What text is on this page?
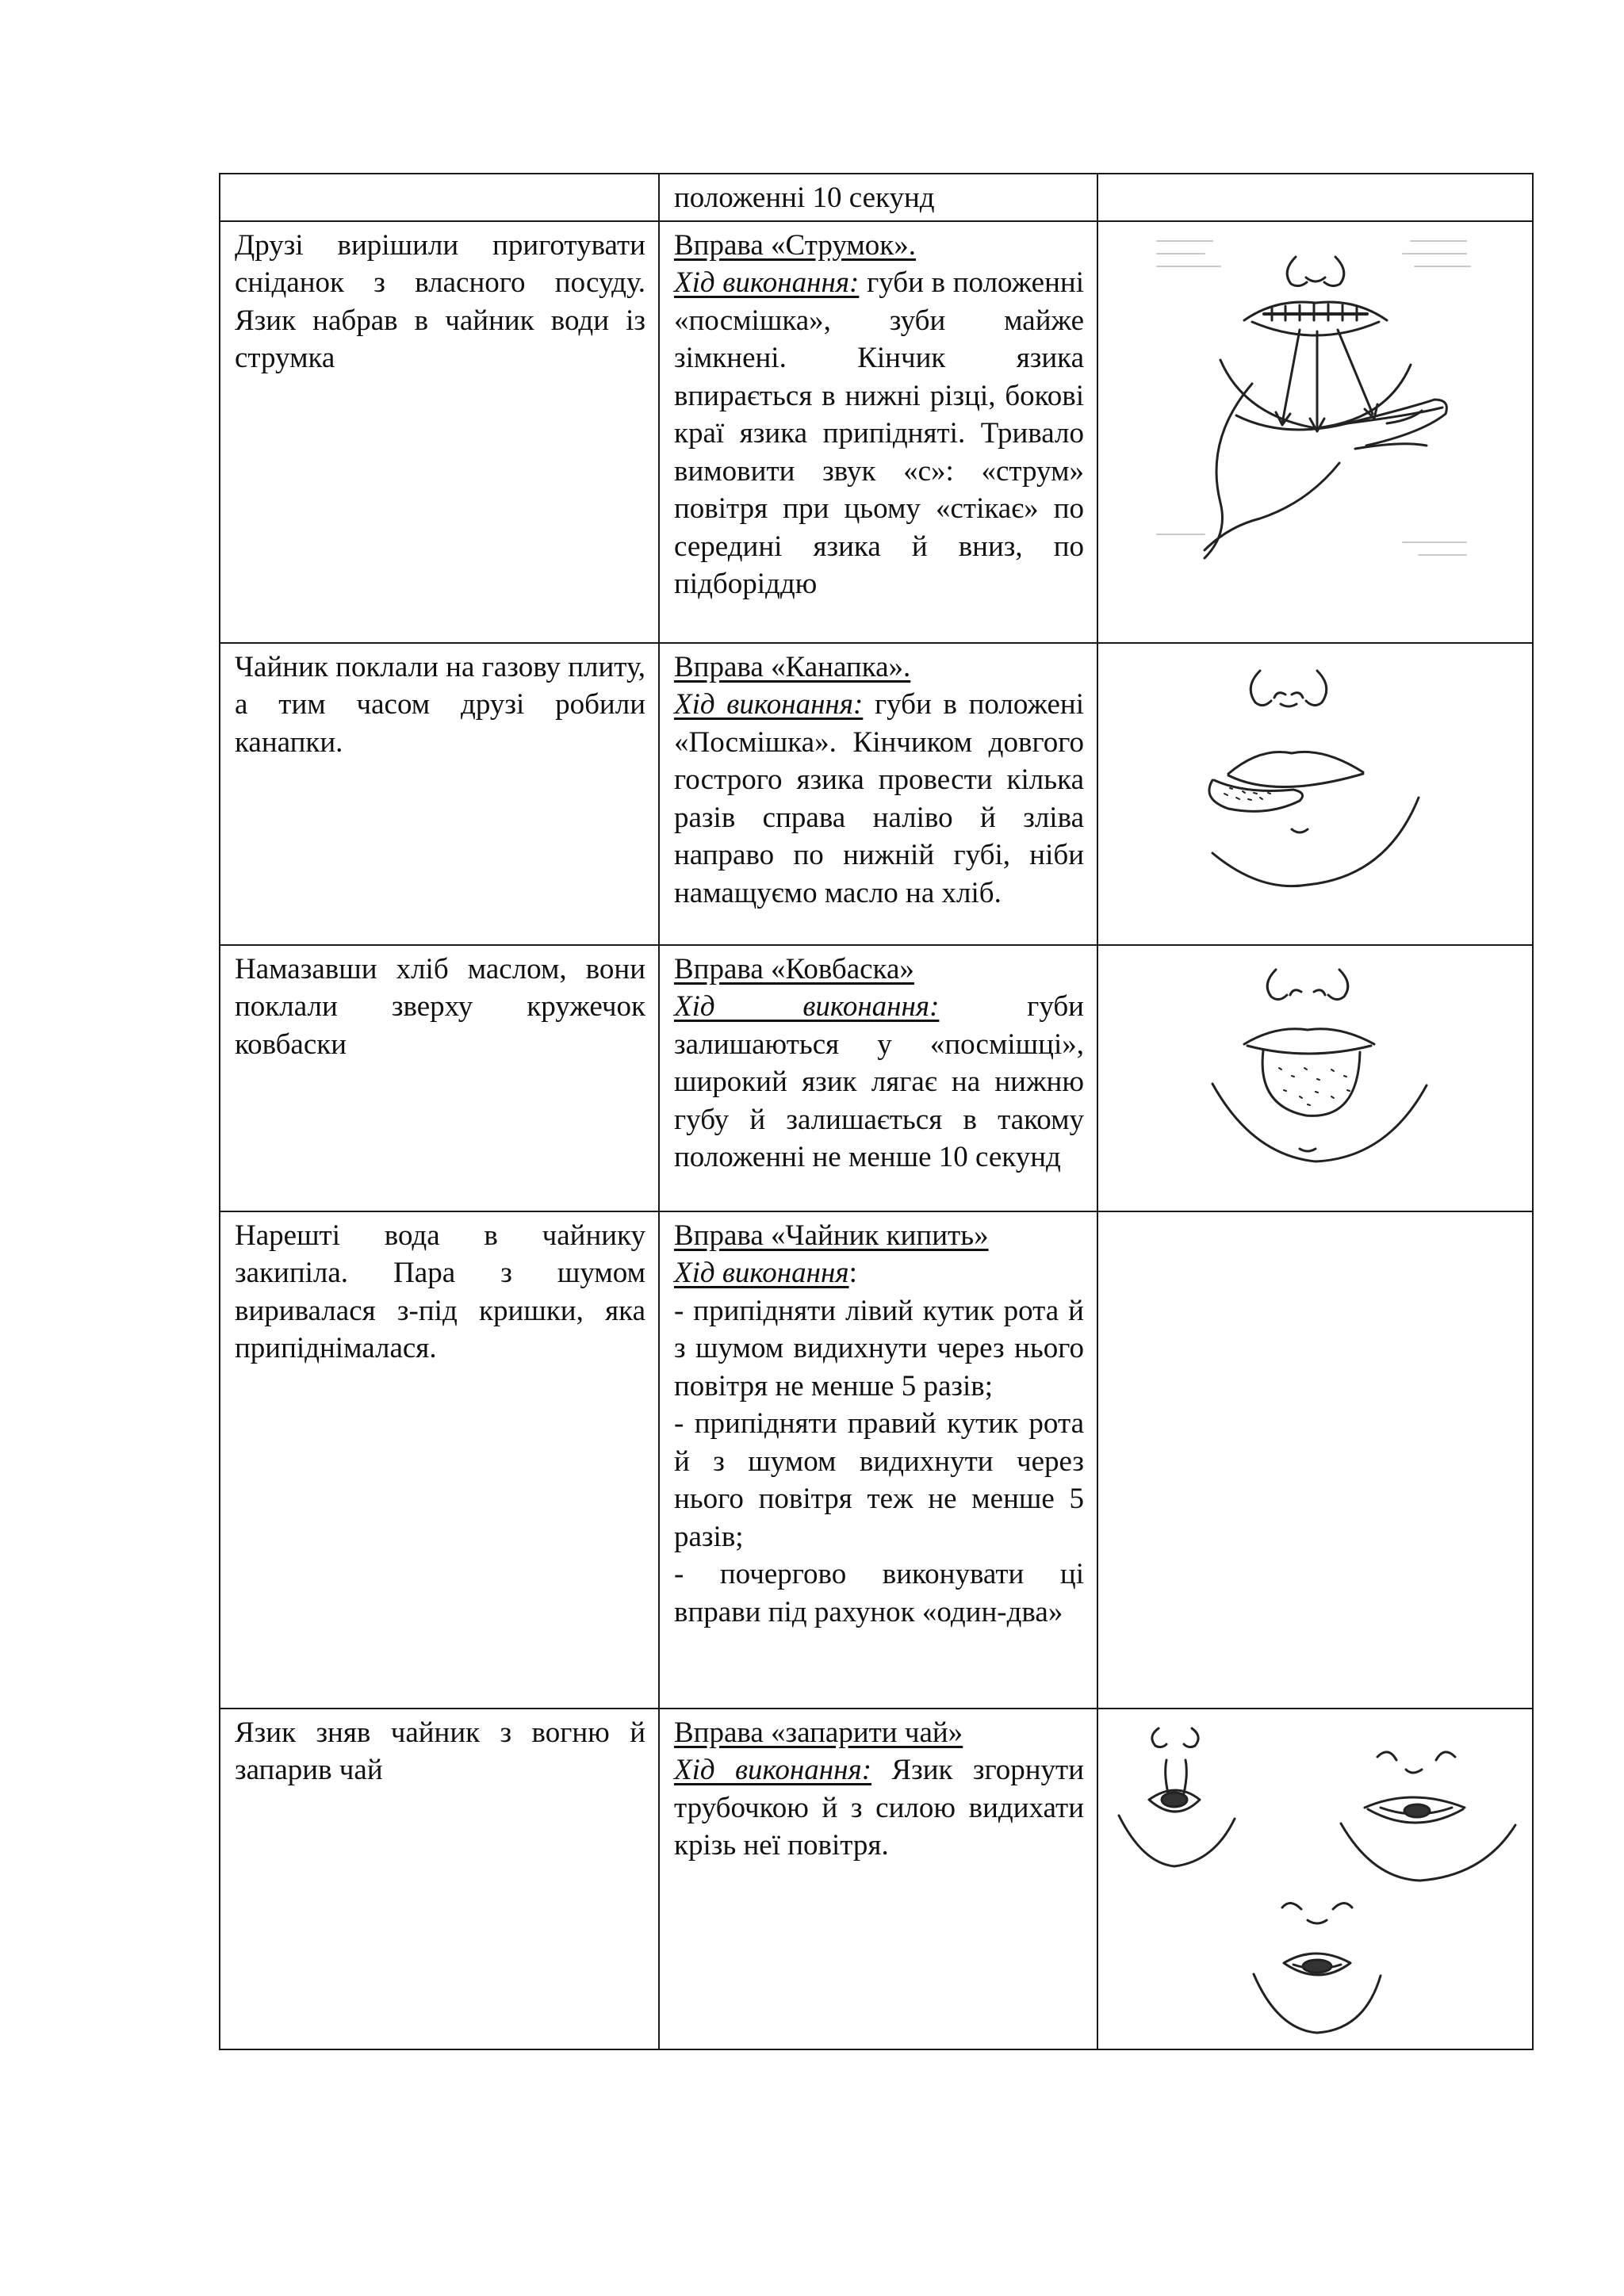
	положенні 10 секунд	
Друзі вирішили приготувати сніданок з власного посуду. Язик набрав в чайник води із струмка	Вправа «Струмок».
Хід виконання: губи в положенні «посмішка», зуби майже зімкнені. Кінчик язика впирається в нижні різці, бокові краї язика припідняті. Тривало вимовити звук «с»: «струм» повітря при цьому «стікає» по середині язика й вниз, по підборіддю	

Чайник поклали на газову плиту, а тим часом друзі робили канапки.	Вправа «Канапка».
Хід виконання: губи в положені «Посмішка». Кінчиком довгого гострого язика провести кілька разів справа наліво й зліва направо по нижній губі, ніби намащуємо масло на хліб.	

Намазавши хліб маслом, вони поклали зверху кружечок ковбаски	Вправа «Ковбаска»
Хід виконання: губи залишаються у «посмішці», широкий язик лягає на нижню губу й залишається в такому положенні не менше 10 секунд	

Нарешті вода в чайнику закипіла. Пара з шумом виривалася з-під кришки, яка припіднімалася.	Вправа «Чайник кипить»
Хід виконання:
- припідняти лівий кутик рота й з шумом видихнути через нього повітря не менше 5 разів;
- припідняти правий кутик рота й з шумом видихнути через нього повітря теж не менше 5 разів;
- почергово виконувати ці вправи під рахунок «один-два»	

Язик зняв чайник з вогню й запарив чай	Вправа «запарити чай»
Хід виконання: Язик згорнути трубочкою й з силою видихати крізь неї повітря.	
